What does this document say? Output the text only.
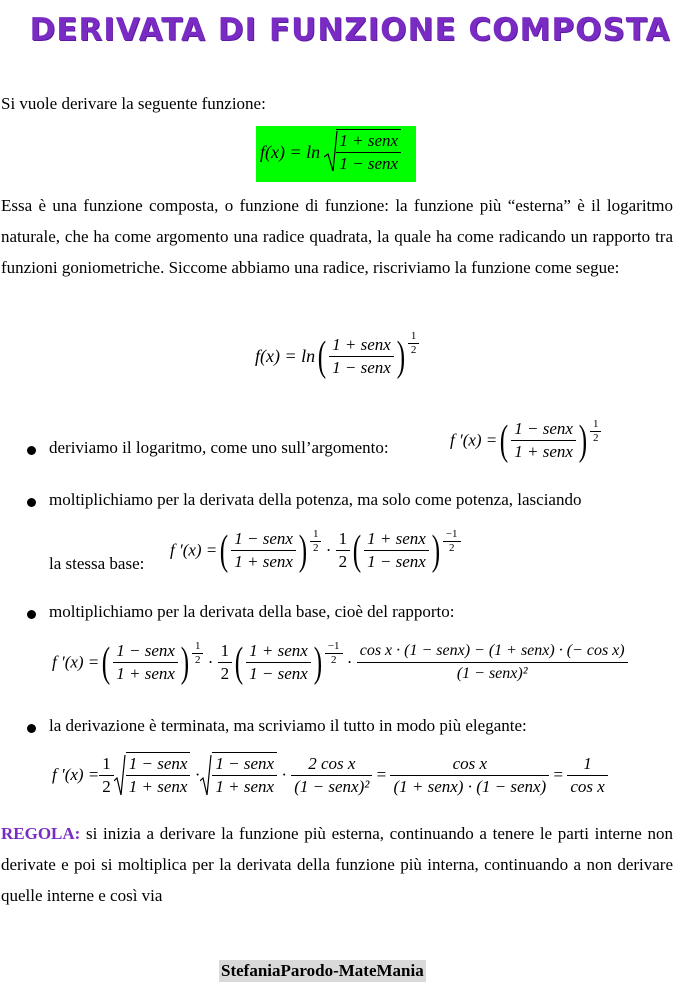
DERIVATA DI FUNZIONE COMPOSTA

Si vuole derivare la seguente funzione:

$f(x) = \ln \frac{\text{1 + senx}}{\text{1 − senx}}$

Essa è una funzione composta, o funzione di funzione: la funzione più “esterna” è il logaritmo naturale, che ha come argomento una radice quadrata, la quale ha come radicando un rapporto tra funzioni goniometriche. Siccome abbiamo una radice, riscriviamo la funzione come segue:

$f(x) = \ln( \frac{\text{1 + senx}}{\text{1 − senx}}$ ) $\frac{1}{2}$
deriviamo il logaritmo, come uno sull’argomento:	f ′(x) =( $\frac{\text{1 − senx}}{\text{1 + senx}}$ ) $\frac{1}{2}$
moltiplichiamo per la derivata della potenza, ma solo come potenza, lasciando
la stessa base:
f ′(x) =( $\frac{\text{1 − senx}}{\text{1 + senx}}$ ) $\frac{1}{2} \cdot \frac{1}{2}$ ( $\frac{\text{1 + senx}}{\text{1 − senx}}$ ) $\frac{-1}{2}$
moltiplichiamo per la derivata della base, cioè del rapporto:
f ′(x) =( $\frac{\text{1 − senx}}{\text{1 + senx}}$ ) $\frac{1}{2} \cdot \frac{1}{2}$ ( $\frac{\text{1 + senx}}{\text{1 − senx}}$ ) $\frac{-1}{2} \cdot \frac{\text{cos x · (1 − senx) − (1 + senx) · (− cos x)}}{\text{(1 − senx)²}}$
la derivazione è terminata, ma scriviamo il tutto in modo più elegante:
f $'(x) = \frac{1}{2} \frac{\text{1 − senx}}{\text{1 + senx}} \cdot \frac{\text{1 − senx}}{\text{1 + senx}} \cdot \frac{\text{2 cos x}}{\text{(1 − senx)²}} = \frac{\text{cos x}}{\text{(1 + senx) · (1 − senx)}} = \frac{1}{\text{cos x}}$

REGOLA: si inizia a derivare la funzione più esterna, continuando a tenere le parti interne non derivate e poi si moltiplica per la derivata della funzione più interna, continuando a non derivare quelle interne e così via

StefaniaParodo-MateMania
